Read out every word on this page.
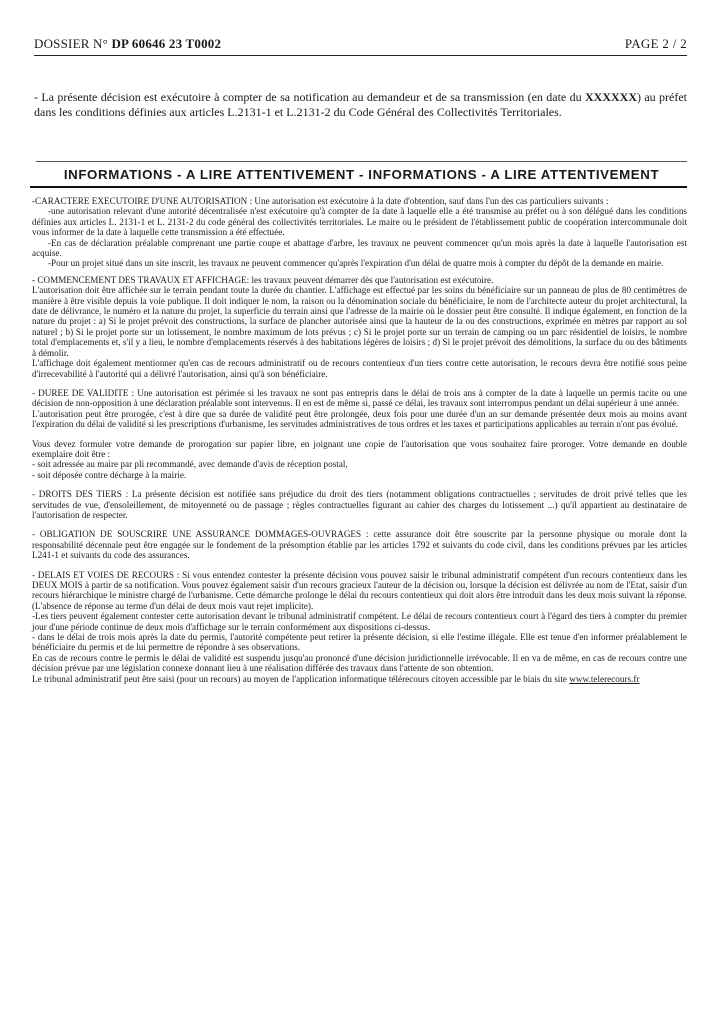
DOSSIER N° DP 60646 23 T0002	PAGE 2 / 2
- La présente décision est exécutoire à compter de sa notification au demandeur et de sa transmission (en date du XXXXXX) au préfet dans les conditions définies aux articles L.2131-1 et L.2131-2 du Code Général des Collectivités Territoriales.
INFORMATIONS - A LIRE ATTENTIVEMENT - INFORMATIONS - A LIRE ATTENTIVEMENT

-CARACTERE EXECUTOIRE D'UNE AUTORISATION : Une autorisation est exécutoire à la date d'obtention, sauf dans l'un des cas particuliers suivants :

-une autorisation relevant d'une autorité décentralisée n'est exécutoire qu'à compter de la date à laquelle elle a été transmise au préfet ou à son délégué dans les conditions définies aux articles L. 2131-1 et L. 2131-2 du code général des collectivités territoriales. Le maire ou le président de l'établissement public de coopération intercommunale doit vous informer de la date à laquelle cette transmission a été effectuée.

-En cas de déclaration préalable comprenant une partie coupe et abattage d'arbre, les travaux ne peuvent commencer qu'un mois après la date à laquelle l'autorisation est acquise.

-Pour un projet situé dans un site inscrit, les travaux ne peuvent commencer qu'après l'expiration d'un délai de quatre mois à compter du dépôt de la demande en mairie.

- COMMENCEMENT DES TRAVAUX ET AFFICHAGE: les travaux peuvent démarrer dès que l'autorisation est exécutoire.

L'autorisation doit être affichée sur le terrain pendant toute la durée du chantier. L'affichage est effectué par les soins du bénéficiaire sur un panneau de plus de 80 centimètres de manière à être visible depuis la voie publique. Il doit indiquer le nom, la raison ou la dénomination sociale du bénéficiaire, le nom de l'architecte auteur du projet architectural, la date de délivrance, le numéro et la nature du projet, la superficie du terrain ainsi que l'adresse de la mairie où le dossier peut être consulté. Il indique également, en fonction de la nature du projet : a) Si le projet prévoit des constructions, la surface de plancher autorisée ainsi que la hauteur de la ou des constructions, exprimée en mètres par rapport au sol naturel ; b) Si le projet porte sur un lotissement, le nombre maximum de lots prévus ; c) Si le projet porte sur un terrain de camping ou un parc résidentiel de loisirs, le nombre total d'emplacements et, s'il y a lieu, le nombre d'emplacements réservés à des habitations légères de loisirs ; d) Si le projet prévoit des démolitions, la surface du ou des bâtiments à démolir.

L'affichage doit également mentionner qu'en cas de recours administratif ou de recours contentieux d'un tiers contre cette autorisation, le recours devra être notifié sous peine d'irrecevabilité à l'autorité qui a délivré l'autorisation, ainsi qu'à son bénéficiaire.

- DUREE DE VALIDITE : Une autorisation est périmée si les travaux ne sont pas entrepris dans le délai de trois ans à compter de la date à laquelle un permis tacite ou une décision de non-opposition à une déclaration préalable sont intervenus. Il en est de même si, passé ce délai, les travaux sont interrompus pendant un délai supérieur à une année.

L'autorisation peut être prorogée, c'est à dire que sa durée de validité peut être prolongée, deux fois pour une durée d'un an sur demande présentée deux mois au moins avant l'expiration du délai de validité si les prescriptions d'urbanisme, les servitudes administratives de tous ordres et les taxes et participations applicables au terrain n'ont pas évolué.

Vous devez formuler votre demande de prorogation sur papier libre, en joignant une copie de l'autorisation que vous souhaitez faire proroger. Votre demande en double exemplaire doit être :

- soit adressée au maire par pli recommandé, avec demande d'avis de réception postal,

- soit déposée contre décharge à la mairie.

- DROITS DES TIERS : La présente décision est notifiée sans préjudice du droit des tiers (notamment obligations contractuelles ; servitudes de droit privé telles que les servitudes de vue, d'ensoleillement, de mitoyenneté ou de passage ; règles contractuelles figurant au cahier des charges du lotissement ...) qu'il appartient au destinataire de l'autorisation de respecter.

- OBLIGATION DE SOUSCRIRE UNE ASSURANCE DOMMAGES-OUVRAGES : cette assurance doit être souscrite par la personne physique ou morale dont la responsabilité décennale peut être engagée sur le fondement de la présomption établie par les articles 1792 et suivants du code civil, dans les conditions prévues par les articles L241-1 et suivants du code des assurances.

- DELAIS ET VOIES DE RECOURS : Si vous entendez contester la présente décision vous pouvez saisir le tribunal administratif compétent d'un recours contentieux dans les DEUX MOIS à partir de sa notification. Vous pouvez également saisir d'un recours gracieux l'auteur de la décision ou, lorsque la décision est délivrée au nom de l'Etat, saisir d'un recours hiérarchique le ministre chargé de l'urbanisme. Cette démarche prolonge le délai du recours contentieux qui doit alors être introduit dans les deux mois suivant la réponse. (L'absence de réponse au terme d'un délai de deux mois vaut rejet implicite).

-Les tiers peuvent également contester cette autorisation devant le tribunal administratif compétent. Le délai de recours contentieux court à l'égard des tiers à compter du premier jour d'une période continue de deux mois d'affichage sur le terrain conformément aux dispositions ci-dessus.

- dans le délai de trois mois après la date du permis, l'autorité compétente peut retirer la présente décision, si elle l'estime illégale. Elle est tenue d'en informer préalablement le bénéficiaire du permis et de lui permettre de répondre à ses observations.

En cas de recours contre le permis le délai de validité est suspendu jusqu'au prononcé d'une décision juridictionnelle irrévocable. Il en va de même, en cas de recours contre une décision prévue par une législation connexe donnant lieu à une réalisation différée des travaux dans l'attente de son obtention.

Le tribunal administratif peut être saisi (pour un recours) au moyen de l'application informatique télérecours citoyen accessible par le biais du site www.telerecours.fr
